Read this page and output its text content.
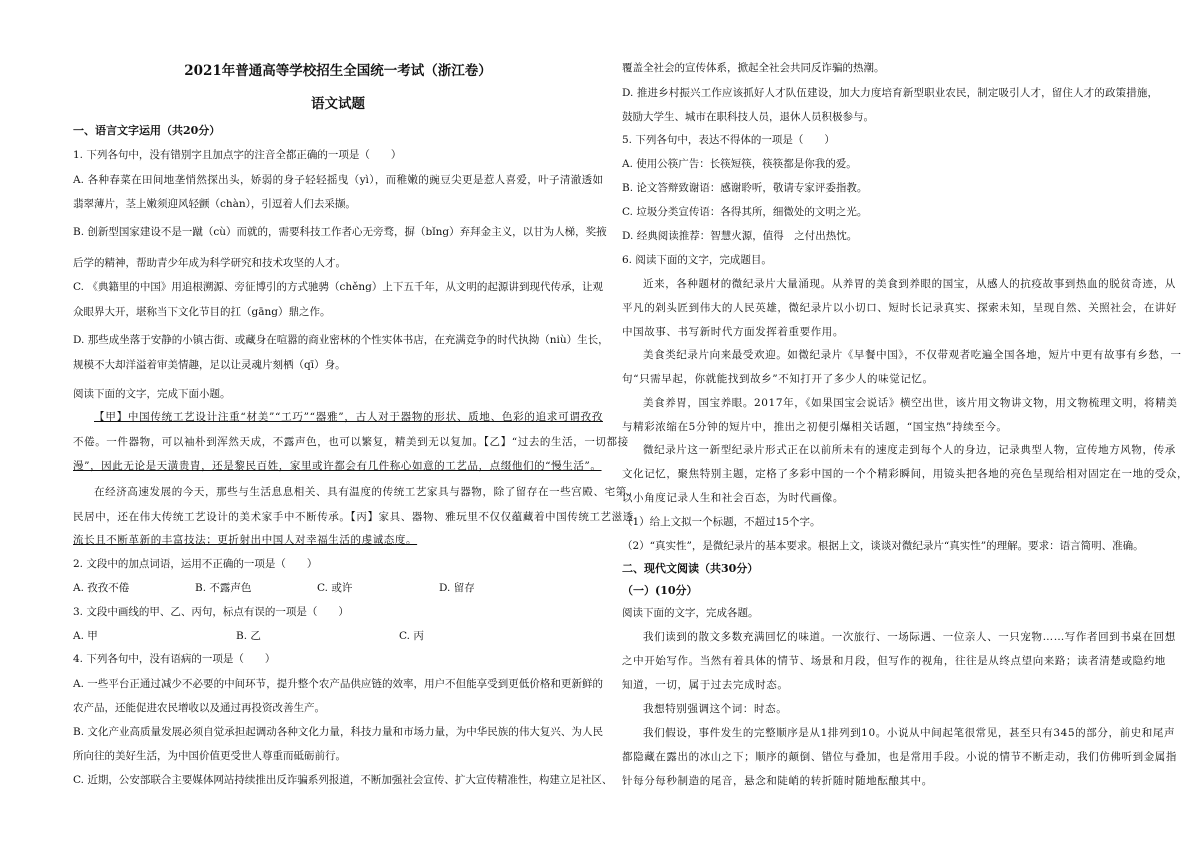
2021年普通高等学校招生全国统一考试（浙江卷）
语文试题
一、语言文字运用（共20分）
1. 下列各句中，没有错别字且加点字的注音全都正确的一项是（　　）
A. 各种春菜在田间地垄悄然探出头，娇弱的身子轻轻摇曳（yì），而稚嫩的豌豆尖更是惹人喜爱，叶子清澈透如
翡翠薄片，茎上嫩须迎风轻颤（chàn），引逗着人们去采撷。
B. 创新型国家建设不是一蹴（cù）而就的，需要科技工作者心无旁骛，摒（bǐng）弃拜金主义，以甘为人梯，奖掖
后学的精神，帮助青少年成为科学研究和技术攻坚的人才。
C. 《典籍里的中国》用追根溯源、旁征博引的方式驰骋（chěng）上下五千年，从文明的起源讲到现代传承，让观
众眼界大开，堪称当下文化节目的扛（gāng）鼎之作。
D. 那些成坐落于安静的小镇古街、或藏身在喧嚣的商业密林的个性实体书店，在充满竞争的时代执拗（niù）生长，
规模不大却洋溢着审美情趣，足以让灵魂片刻栖（qī）身。
阅读下面的文字，完成下面小题。
【甲】中国传统工艺设计注重“材美”“工巧”“器雅”，古人对于器物的形状、质地、色彩的追求可谓孜孜
不倦。一件器物，可以袖朴到浑然天成，不露声色，也可以繁复，精美到无以复加。【乙】“过去的生活，一切都接
漫”，因此无论是天潢贵胄，还是黎民百姓，家里或许都会有几件称心如意的工艺品，点缀他们的“慢生活”。
在经济高速发展的今天，那些与生活息息相关、具有温度的传统工艺家具与器物，除了留存在一些宫殿、宅第、
民居中，还在伟大传统工艺设计的美术家手中不断传承。【丙】家具、器物、雅玩里不仅仅蕴藏着中国传统工艺滋透
流长且不断革新的丰富技法；更折射出中国人对幸福生活的虔诚态度。
2. 文段中的加点词语，运用不正确的一项是（　　）
A. 孜孜不倦	B. 不露声色	C. 或许	D. 留存
3. 文段中画线的甲、乙、丙句，标点有误的一项是（　　）
A. 甲	B. 乙	C. 丙
4. 下列各句中，没有语病的一项是（　　）
A. 一些平台正通过减少不必要的中间环节，提升整个农产品供应链的效率，用户不但能享受到更低价格和更新鲜的
农产品，还能促进农民增收以及通过再投资改善生产。
B. 文化产业高质量发展必须自觉承担起调动各种文化力量，科技力量和市场力量，为中华民族的伟大复兴、为人民
所向往的美好生活，为中国价值更受世人尊重而砥砺前行。
C. 近期，公安部联合主要媒体网站持续推出反诈骗系列报道，不断加强社会宣传、扩大宣传精准性，构建立足社区、
覆盖全社会的宣传体系，掀起全社会共同反诈骗的热潮。
D. 推进乡村振兴工作应该抓好人才队伍建设，加大力度培育新型职业农民，制定吸引人才，留住人才的政策措施，
鼓励大学生、城市在职科技人员，退休人员积极参与。
5. 下列各句中，表达不得体的一项是（　　）
A. 使用公筷广告：长筷短筷，筷筷都是你我的爱。
B. 论文答辩致谢语：感谢聆听，敬请专家评委指教。
C. 垃圾分类宣传语：各得其所，细微处的文明之光。
D. 经典阅读推荐：智慧火源，值得　之付出热忱。
6. 阅读下面的文字，完成题目。
近来，各种题材的微纪录片大量涌现。从养胃的美食到养眼的国宝，从感人的抗疫故事到热血的脱贫奇迹，从
平凡的剁头匠到伟大的人民英雄，微纪录片以小切口、短时长记录真实、探索未知，呈现自然、关照社会，在讲好
中国故事、书写新时代方面发挥着重要作用。
美食类纪录片向来最受欢迎。如微纪录片《早餐中国》，不仅带观者吃遍全国各地，短片中更有故事有乡愁，一
句“只需早起，你就能找到故乡”不知打开了多少人的味觉记忆。
美食养胃，国宝养眼。2017年，《如果国宝会说话》横空出世，该片用文物讲文物，用文物梳理文明，将精美
与精彩浓缩在5分钟的短片中，推出之初便引爆相关话题，“国宝热”持续至今。
微纪录片这一新型纪录片形式正在以前所未有的速度走到每个人的身边，记录典型人物，宣传地方风物，传承
文化记忆，聚焦特别主题，定格了多彩中国的一个个精彩瞬间，用镜头把各地的亮色呈现给相对固定在一地的受众，
以小角度记录人生和社会百态，为时代画像。
（1）给上文拟一个标题，不超过15个字。
（2）“真实性”，是微纪录片的基本要求。根据上文，谈谈对微纪录片“真实性”的理解。要求：语言简明、准确。
二、现代文阅读（共30分）
（一）(10分）
阅读下面的文字，完成各题。
我们读到的散文多数充满回忆的味道。一次旅行、一场际遇、一位亲人、一只宠物……写作者回到书桌在回想
之中开始写作。当然有着具体的情节、场景和月段，但写作的视角，往往是从终点望向来路；读者清楚或隐约地
知道，一切，属于过去完成时态。
我想特别强调这个词：时态。
我们假设，事件发生的完整顺序是从1排列到10。小说从中间起笔很常见，甚至只有345的部分，前史和尾声
都隐藏在露出的冰山之下；顺序的颠倒、错位与叠加，也是常用手段。小说的情节不断走动，我们仿佛听到金属指
针每分每秒制造的尾音，悬念和陡峭的转折随时随地酝酿其中。
